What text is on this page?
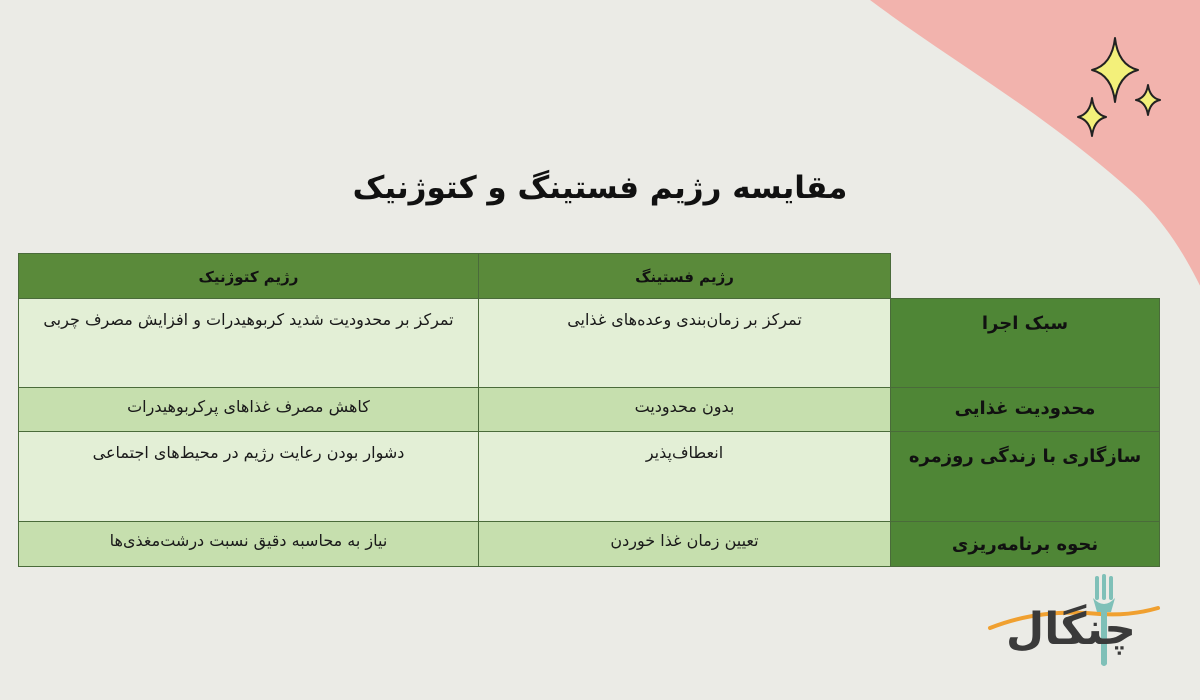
مقایسه رژیم فستینگ و کتوژنیک
رژیم کتوژنیک	رژیم فستینگ
تمرکز بر محدودیت شدید کربوهیدرات و افزایش مصرف چربی	تمرکز بر زمان‌بندی وعده‌های غذایی	سبک اجرا
کاهش مصرف غذاهای پرکربوهیدرات	بدون محدودیت	محدودیت غذایی
دشوار بودن رعایت رژیم در محیط‌های اجتماعی	انعطاف‌پذیر	سازگاری با زندگی روزمره
نیاز به محاسبه دقیق نسبت درشت‌مغذی‌ها	تعیین زمان غذا خوردن	نحوه برنامه‌ریزی
چنگال
